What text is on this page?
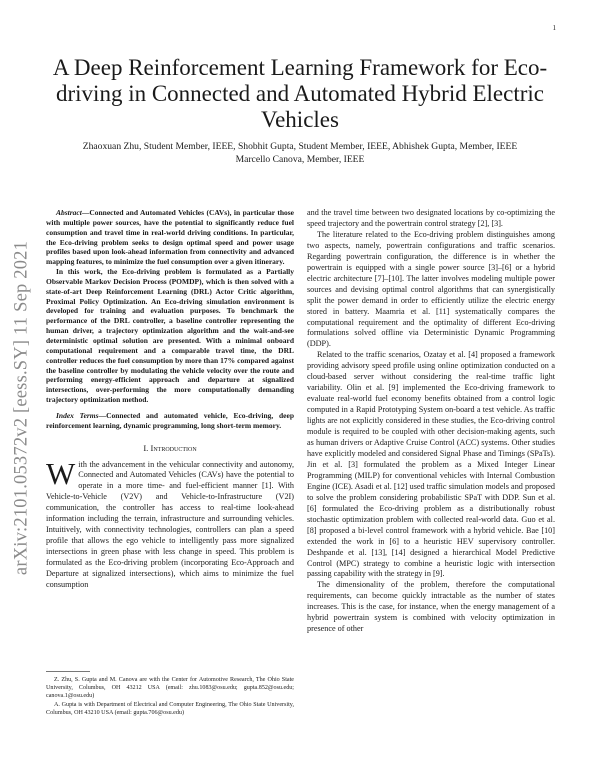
1
arXiv:2101.05372v2 [eess.SY] 11 Sep 2021
A Deep Reinforcement Learning Framework for Eco-driving in Connected and Automated Hybrid Electric Vehicles
Zhaoxuan Zhu, Student Member, IEEE, Shobhit Gupta, Student Member, IEEE, Abhishek Gupta, Member, IEEE
Marcello Canova, Member, IEEE

Abstract—Connected and Automated Vehicles (CAVs), in particular those with multiple power sources, have the potential to significantly reduce fuel consumption and travel time in real-world driving conditions. In particular, the Eco-driving problem seeks to design optimal speed and power usage profiles based upon look-ahead information from connectivity and advanced mapping features, to minimize the fuel consumption over a given itinerary.

In this work, the Eco-driving problem is formulated as a Partially Observable Markov Decision Process (POMDP), which is then solved with a state-of-art Deep Reinforcement Learning (DRL) Actor Critic algorithm, Proximal Policy Optimization. An Eco-driving simulation environment is developed for training and evaluation purposes. To benchmark the performance of the DRL controller, a baseline controller representing the human driver, a trajectory optimization algorithm and the wait-and-see deterministic optimal solution are presented. With a minimal onboard computational requirement and a comparable travel time, the DRL controller reduces the fuel consumption by more than 17% compared against the baseline controller by modulating the vehicle velocity over the route and performing energy-efficient approach and departure at signalized intersections, over-performing the more computationally demanding trajectory optimization method.

Index Terms—Connected and automated vehicle, Eco-driving, deep reinforcement learning, dynamic programming, long short-term memory.

I. Introduction

With the advancement in the vehicular connectivity and autonomy, Connected and Automated Vehicles (CAVs) have the potential to operate in a more time- and fuel-efficient manner [1]. With Vehicle-to-Vehicle (V2V) and Vehicle-to-Infrastructure (V2I) communication, the controller has access to real-time look-ahead information including the terrain, infrastructure and surrounding vehicles. Intuitively, with connectivity technologies, controllers can plan a speed profile that allows the ego vehicle to intelligently pass more signalized intersections in green phase with less change in speed. This problem is formulated as the Eco-driving problem (incorporating Eco-Approach and Departure at signalized intersections), which aims to minimize the fuel consumption

Z. Zhu, S. Gupta and M. Canova are with the Center for Automotive Research, The Ohio State University, Columbus, OH 43212 USA (email: zhu.1083@osu.edu; gupta.852@osu.edu; canova.1@osu.edu)

A. Gupta is with Department of Electrical and Computer Engineering, The Ohio State University, Columbus, OH 43210 USA (email: gupta.706@osu.edu)

and the travel time between two designated locations by co-optimizing the speed trajectory and the powertrain control strategy [2], [3].

The literature related to the Eco-driving problem distinguishes among two aspects, namely, powertrain configurations and traffic scenarios. Regarding powertrain configuration, the difference is in whether the powertrain is equipped with a single power source [3]–[6] or a hybrid electric architecture [7]–[10]. The latter involves modeling multiple power sources and devising optimal control algorithms that can synergistically split the power demand in order to efficiently utilize the electric energy stored in battery. Maamria et al. [11] systematically compares the computational requirement and the optimality of different Eco-driving formulations solved offline via Deterministic Dynamic Programming (DDP).

Related to the traffic scenarios, Ozatay et al. [4] proposed a framework providing advisory speed profile using online optimization conducted on a cloud-based server without considering the real-time traffic light variability. Olin et al. [9] implemented the Eco-driving framework to evaluate real-world fuel economy benefits obtained from a control logic computed in a Rapid Prototyping System on-board a test vehicle. As traffic lights are not explicitly considered in these studies, the Eco-driving control module is required to be coupled with other decision-making agents, such as human drivers or Adaptive Cruise Control (ACC) systems. Other studies have explicitly modeled and considered Signal Phase and Timings (SPaTs). Jin et al. [3] formulated the problem as a Mixed Integer Linear Programming (MILP) for conventional vehicles with Internal Combustion Engine (ICE). Asadi et al. [12] used traffic simulation models and proposed to solve the problem considering probabilistic SPaT with DDP. Sun et al. [6] formulated the Eco-driving problem as a distributionally robust stochastic optimization problem with collected real-world data. Guo et al. [8] proposed a bi-level control framework with a hybrid vehicle. Bae [10] extended the work in [6] to a heuristic HEV supervisory controller. Deshpande et al. [13], [14] designed a hierarchical Model Predictive Control (MPC) strategy to combine a heuristic logic with intersection passing capability with the strategy in [9].

The dimensionality of the problem, therefore the computational requirements, can become quickly intractable as the number of states increases. This is the case, for instance, when the energy management of a hybrid powertrain system is combined with velocity optimization in presence of other
